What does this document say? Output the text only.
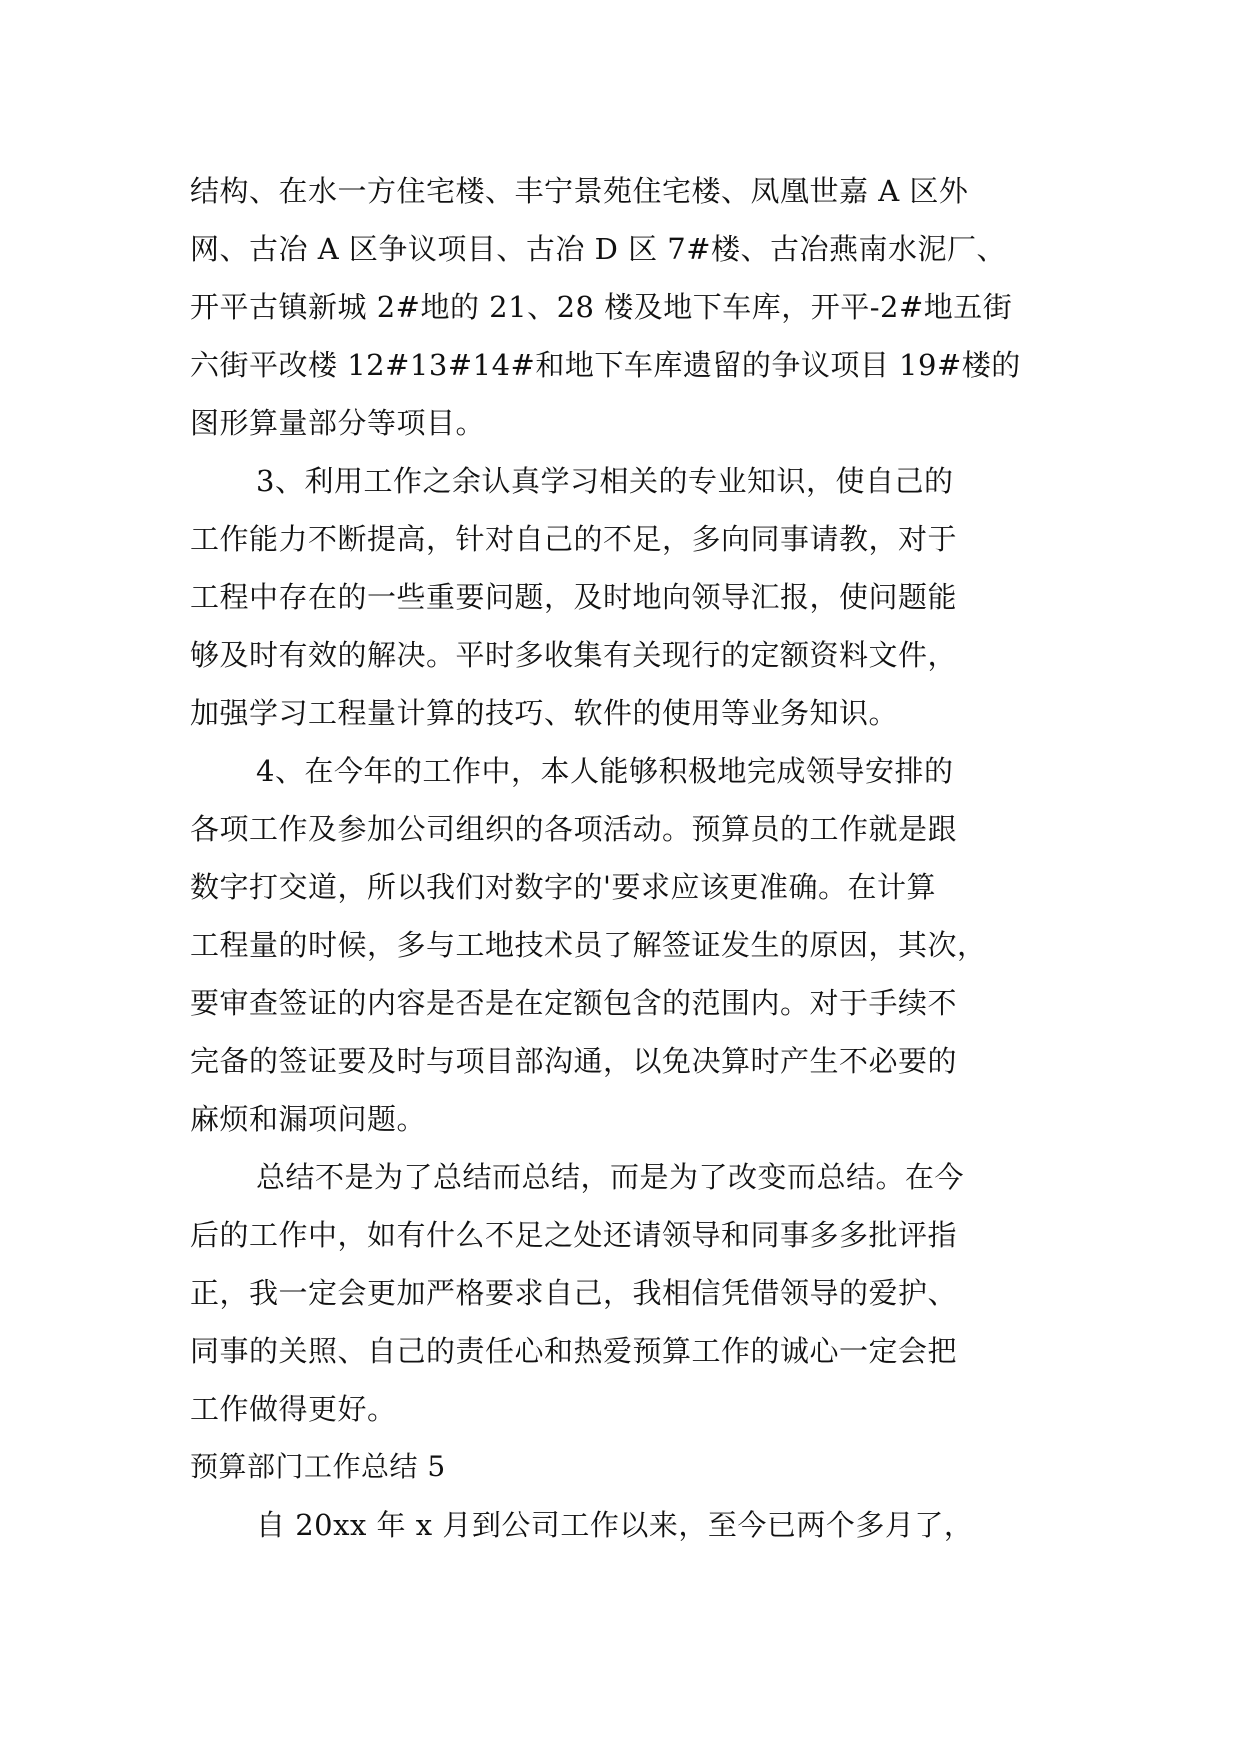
结构、在水一方住宅楼、丰宁景苑住宅楼、凤凰世嘉 A 区外
网、古冶 A 区争议项目、古冶 D 区 7#楼、古冶燕南水泥厂、
开平古镇新城 2#地的 21、28 楼及地下车库，开平-2#地五街
六街平改楼 12#13#14#和地下车库遗留的争议项目 19#楼的
图形算量部分等项目。
3、利用工作之余认真学习相关的专业知识，使自己的
工作能力不断提高，针对自己的不足，多向同事请教，对于
工程中存在的一些重要问题，及时地向领导汇报，使问题能
够及时有效的解决。平时多收集有关现行的定额资料文件，
加强学习工程量计算的技巧、软件的使用等业务知识。
4、在今年的工作中，本人能够积极地完成领导安排的
各项工作及参加公司组织的各项活动。预算员的工作就是跟
数字打交道，所以我们对数字的'要求应该更准确。在计算
工程量的时候，多与工地技术员了解签证发生的原因，其次，
要审查签证的内容是否是在定额包含的范围内。对于手续不
完备的签证要及时与项目部沟通，以免决算时产生不必要的
麻烦和漏项问题。
总结不是为了总结而总结，而是为了改变而总结。在今
后的工作中，如有什么不足之处还请领导和同事多多批评指
正，我一定会更加严格要求自己，我相信凭借领导的爱护、
同事的关照、自己的责任心和热爱预算工作的诚心一定会把
工作做得更好。
预算部门工作总结 5
自 20xx 年 x 月到公司工作以来，至今已两个多月了，
